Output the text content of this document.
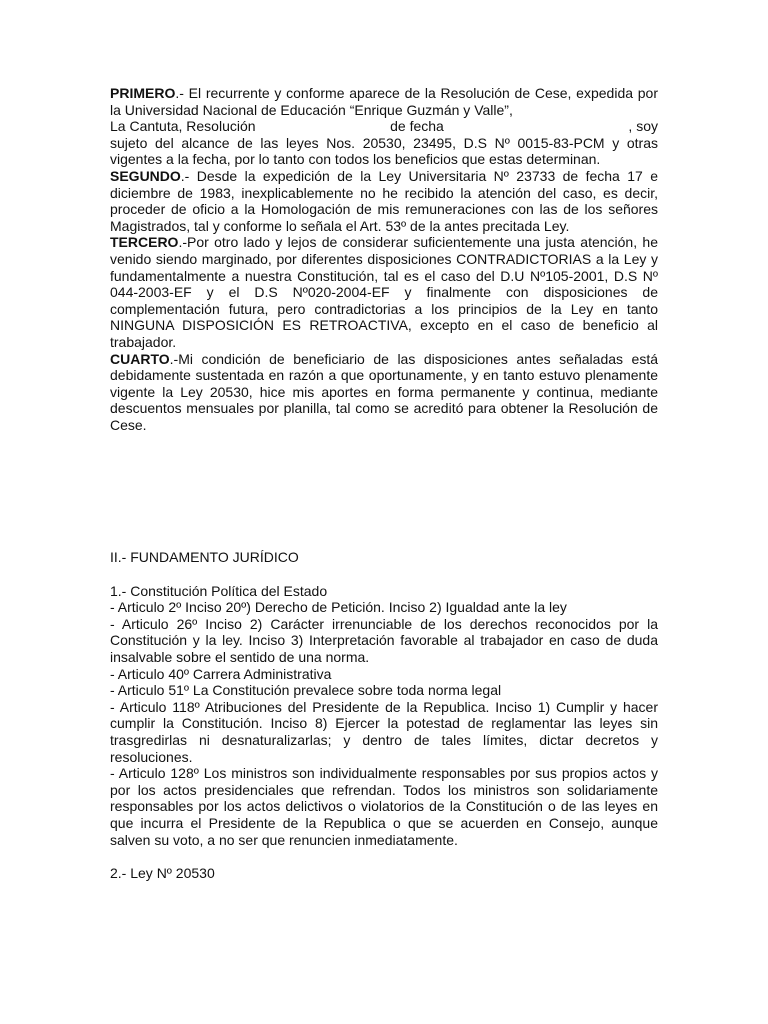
PRIMERO.- El recurrente y conforme aparece de la Resolución de Cese, expedida por la Universidad Nacional de Educación “Enrique Guzmán y Valle”,
La Cantuta, Resolución	de fecha	, soy
sujeto del alcance de las leyes Nos. 20530, 23495, D.S Nº 0015-83-PCM y otras vigentes a la fecha, por lo tanto con todos los beneficios que estas determinan.
SEGUNDO.- Desde la expedición de la Ley Universitaria Nº 23733 de fecha 17 e diciembre de 1983, inexplicablemente no he recibido la atención del caso, es decir, proceder de oficio a la Homologación de mis remuneraciones con las de los señores Magistrados, tal y conforme lo señala el Art. 53º de la antes precitada Ley.
TERCERO.-Por otro lado y lejos de considerar suficientemente una justa atención, he venido siendo marginado, por diferentes disposiciones CONTRADICTORIAS a la Ley y fundamentalmente a nuestra Constitución, tal es el caso del D.U Nº105-2001, D.S Nº 044-2003-EF y el D.S Nº020-2004-EF y finalmente con disposiciones de complementación futura, pero contradictorias a los principios de la Ley en tanto NINGUNA DISPOSICIÓN ES RETROACTIVA, excepto en el caso de beneficio al trabajador.
CUARTO.-Mi condición de beneficiario de las disposiciones antes señaladas está debidamente sustentada en razón a que oportunamente, y en tanto estuvo plenamente vigente la Ley 20530, hice mis aportes en forma permanente y continua, mediante descuentos mensuales por planilla, tal como se acreditó para obtener la Resolución de Cese.

II.- FUNDAMENTO JURÍDICO

1.- Constitución Política del Estado

- Articulo 2º Inciso 20º) Derecho de Petición. Inciso 2) Igualdad ante la ley

- Articulo 26º Inciso 2) Carácter irrenunciable de los derechos reconocidos por la Constitución y la ley. Inciso 3) Interpretación favorable al trabajador en caso de duda insalvable sobre el sentido de una norma.

- Articulo 40º Carrera Administrativa

- Articulo 51º La Constitución prevalece sobre toda norma legal

- Articulo 118º Atribuciones del Presidente de la Republica. Inciso 1) Cumplir y hacer cumplir la Constitución. Inciso 8) Ejercer la potestad de reglamentar las leyes sin trasgredirlas ni desnaturalizarlas; y dentro de tales límites, dictar decretos y resoluciones.

- Articulo 128º Los ministros son individualmente responsables por sus propios actos y por los actos presidenciales que refrendan. Todos los ministros son solidariamente responsables por los actos delictivos o violatorios de la Constitución o de las leyes en que incurra el Presidente de la Republica o que se acuerden en Consejo, aunque salven su voto, a no ser que renuncien inmediatamente.

2.- Ley Nº 20530
